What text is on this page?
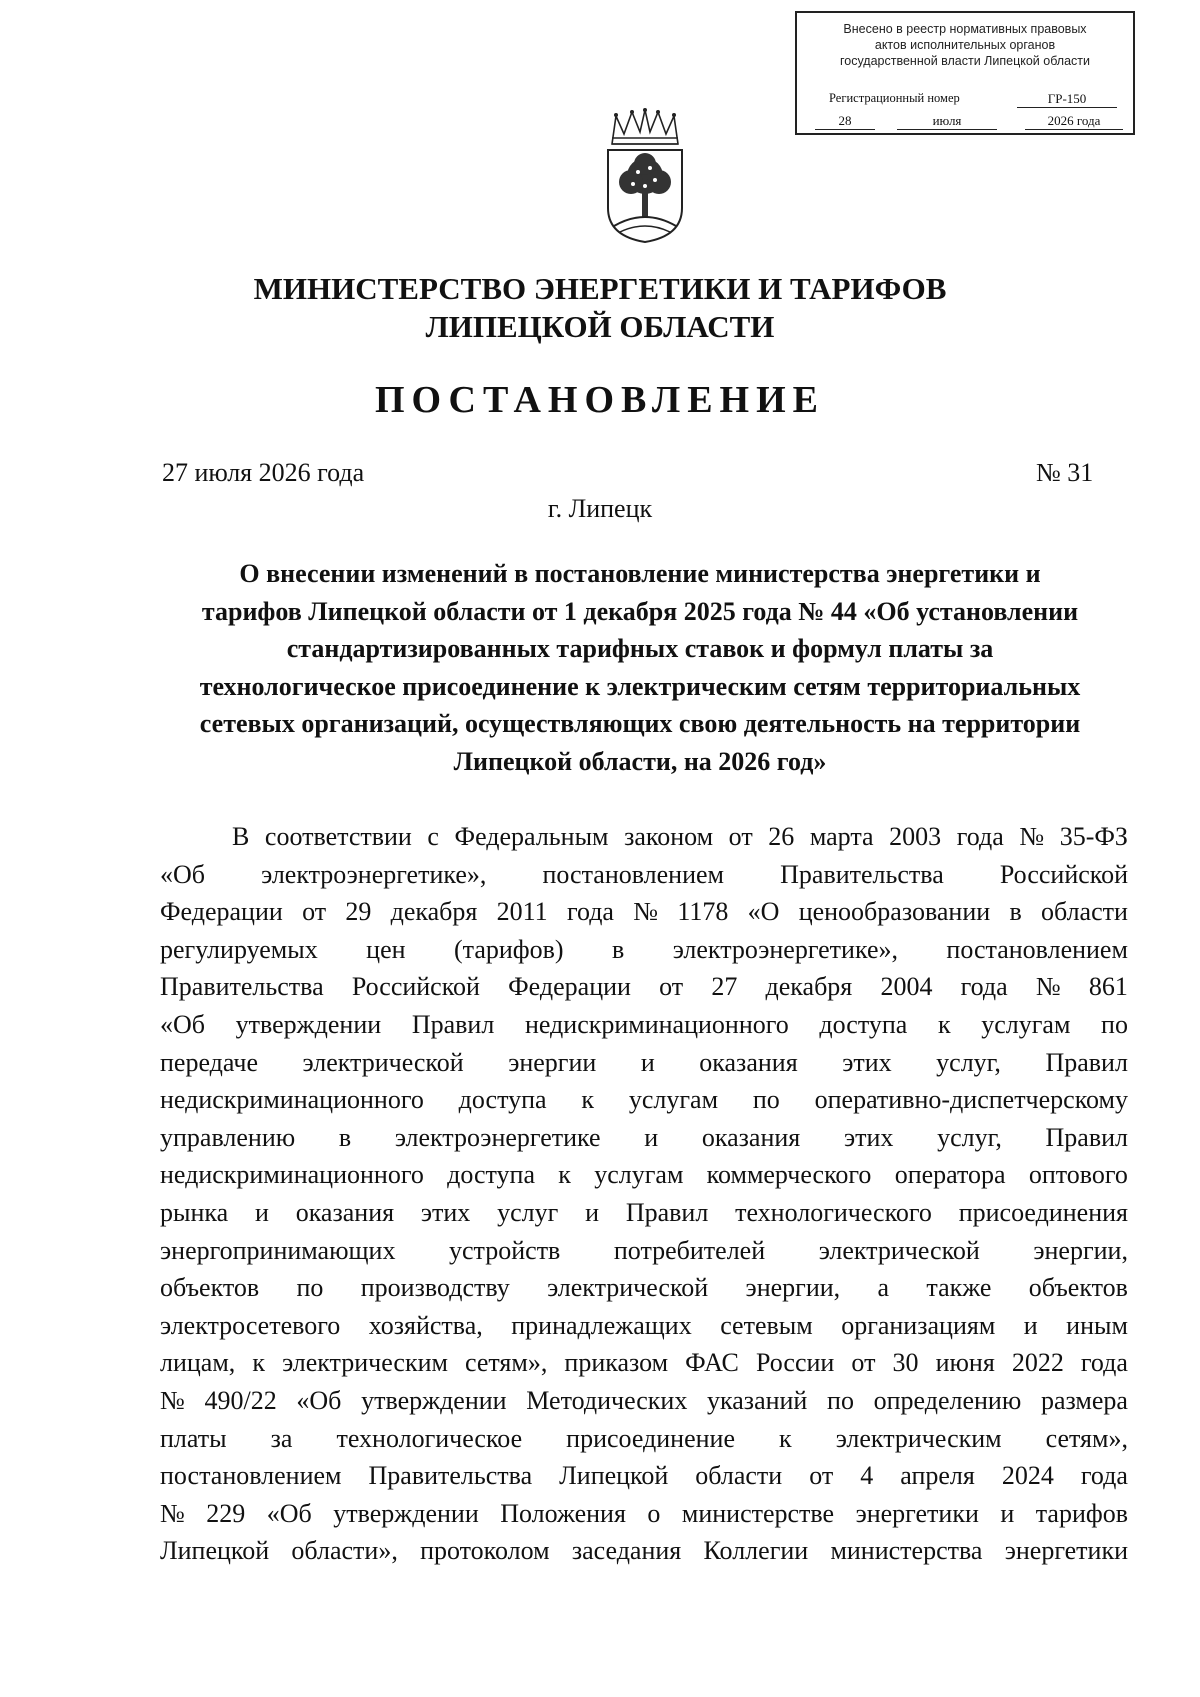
Внесено в реестр нормативных правовых
актов исполнительных органов
государственной власти Липецкой области
Регистрационный номер	ГР-150
28	июля	2026 года
МИНИСТЕРСТВО ЭНЕРГЕТИКИ И ТАРИФОВ
ЛИПЕЦКОЙ ОБЛАСТИ
ПОСТАНОВЛЕНИЕ
27 июля 2026 года	№ 31
г. Липецк
О внесении изменений в постановление министерства энергетики и
тарифов Липецкой области от 1 декабря 2025 года № 44 «Об установлении
стандартизированных тарифных ставок и формул платы за
технологическое присоединение к электрическим сетям территориальных
сетевых организаций, осуществляющих свою деятельность на территории
Липецкой области, на 2026 год»
В соответствии с Федеральным законом от 26 марта 2003 года № 35-ФЗ
«Об электроэнергетике», постановлением Правительства Российской
Федерации от 29 декабря 2011 года № 1178 «О ценообразовании в области
регулируемых цен (тарифов) в электроэнергетике», постановлением
Правительства Российской Федерации от 27 декабря 2004 года № 861
«Об утверждении Правил недискриминационного доступа к услугам по
передаче электрической энергии и оказания этих услуг, Правил
недискриминационного доступа к услугам по оперативно-диспетчерскому
управлению в электроэнергетике и оказания этих услуг, Правил
недискриминационного доступа к услугам коммерческого оператора оптового
рынка и оказания этих услуг и Правил технологического присоединения
энергопринимающих устройств потребителей электрической энергии,
объектов по производству электрической энергии, а также объектов
электросетевого хозяйства, принадлежащих сетевым организациям и иным
лицам, к электрическим сетям», приказом ФАС России от 30 июня 2022 года
№ 490/22 «Об утверждении Методических указаний по определению размера
платы за технологическое присоединение к электрическим сетям»,
постановлением Правительства Липецкой области от 4 апреля 2024 года
№ 229 «Об утверждении Положения о министерстве энергетики и тарифов
Липецкой области», протоколом заседания Коллегии министерства энергетики
